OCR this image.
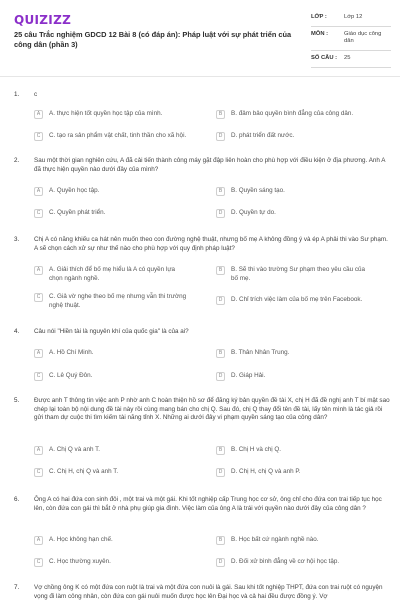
QUIZIZZ
25 câu Trắc nghiệm GDCD 12 Bài 8 (có đáp án): Pháp luật với sự phát triển của công dân (phần 3)
LỚP :	Lớp 12
MÔN :	Giáo dục công dân
SỐ CÂU :	25
1. c
A	A. thực hiện tốt quyền học tập của mình.	B	B. đảm bảo quyền bình đẳng của công dân.
C	C. tạo ra sản phẩm vật chất, tinh thần cho xã hội.	D	D. phát triển đất nước.
2. Sau một thời gian nghiên cứu, A đã cải tiến thành công máy gặt đập liên hoàn cho phù hợp với điều kiện ở địa phương. Anh A đã thực hiện quyền nào dưới đây của mình?
A	A. Quyền học tập.	B	B. Quyền sáng tạo.
C	C. Quyền phát triển.	D	D. Quyền tự do.
3. Chị A có năng khiếu ca hát nên muốn theo con đường nghệ thuật, nhưng bố mẹ A không đồng ý và ép A phải thi vào Sư phạm. A sẽ chọn cách xử sự như thế nào cho phù hợp với quy định pháp luật?
A	A. Giải thích để bố mẹ hiểu là A có quyền lựa chọn ngành nghề.
B	B. Sẽ thi vào trường Sư phạm theo yêu cầu của bố mẹ.
C	C. Giả vờ nghe theo bố mẹ nhưng vẫn thi trường nghệ thuật.
D	D. Chỉ trích việc làm của bố mẹ trên Facebook.
4. Câu nói "Hiền tài là nguyên khí của quốc gia" là của ai?
A	A. Hồ Chí Minh.	B	B. Thân Nhân Trung.
C	C. Lê Quý Đôn.	D	D. Giáp Hải.
5. Được anh T thông tin việc anh P nhờ anh C hoàn thiện hồ sơ để đăng ký bản quyền đề tài X, chị H đã đề nghị anh T bí mật sao chép lại toàn bộ nội dung đề tài này rồi cùng mang bán cho chị Q. Sau đó, chị Q thay đổi tên đề tài, lấy tên mình là tác giả rồi gửi tham dự cuộc thi tìm kiếm tài năng tỉnh X. Những ai dưới đây vi phạm quyền sáng tạo của công dân?
A	A. Chị Q và anh T.	B	B. Chị H và chị Q.
C	C. Chị H, chị Q và anh T.	D	D. Chị H, chị Q và anh P.
6. Ông A có hai đứa con sinh đôi , một trai và một gái. Khi tốt nghiệp cấp Trung học cơ sở, ông chỉ cho đứa con trai tiếp tục học lên, còn đứa con gái thì bắt ở nhà phụ giúp gia đình. Việc làm của ông A là trái với quyền nào dưới đây của công dân ?
A	A. Học không hạn chế.	B	B. Học bất cứ ngành nghề nào.
C	C. Học thường xuyên.	D	D. Đối xử bình đẳng về cơ hội học tập.
7. Vợ chồng ông K có một đứa con ruột là trai và một đứa con nuôi là gái. Sau khi tốt nghiệp THPT, đứa con trai ruột có nguyện vọng đi làm công nhân, còn đứa con gái nuôi muốn được học lên Đại học và cả hai đều được đồng ý. Vợ
